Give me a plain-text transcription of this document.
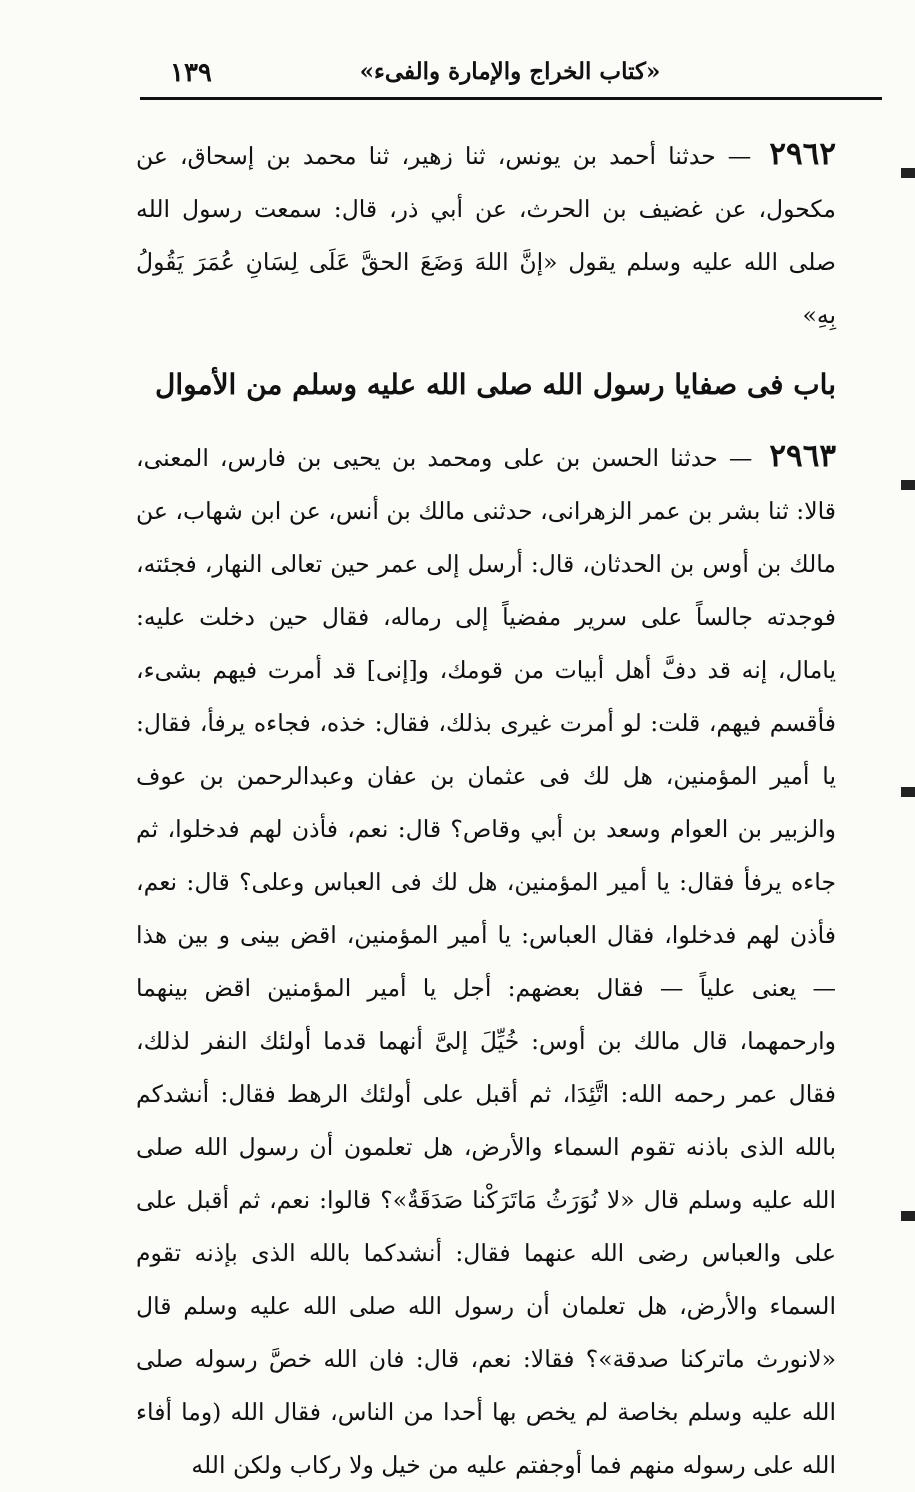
«كتاب الخراج والإمارة والفىء»
١٣٩

٢٩٦٢ — حدثنا أحمد بن يونس، ثنا زهير، ثنا محمد بن إسحاق، عن مكحول، عن غضيف بن الحرث، عن أبي ذر، قال: سمعت رسول الله صلى الله عليه وسلم يقول «إنَّ اللهَ وَضَعَ الحقَّ عَلَى لِسَانِ عُمَرَ يَقُولُ بِهِ»

باب فى صفايا رسول الله صلى الله عليه وسلم من الأموال

٢٩٦٣ — حدثنا الحسن بن على ومحمد بن يحيى بن فارس، المعنى، قالا: ثنا بشر بن عمر الزهرانى، حدثنى مالك بن أنس، عن ابن شهاب، عن مالك بن أوس بن الحدثان، قال: أرسل إلى عمر حين تعالى النهار، فجئته، فوجدته جالساً على سرير مفضياً إلى رماله، فقال حين دخلت عليه: يامال، إنه قد دفَّ أهل أبيات من قومك، و[إنى] قد أمرت فيهم بشىء، فأقسم فيهم، قلت: لو أمرت غيرى بذلك، فقال: خذه، فجاءه يرفأ، فقال: يا أمير المؤمنين، هل لك فى عثمان بن عفان وعبدالرحمن بن عوف والزبير بن العوام وسعد بن أبي وقاص؟ قال: نعم، فأذن لهم فدخلوا، ثم جاءه يرفأ فقال: يا أمير المؤمنين، هل لك فى العباس وعلى؟ قال: نعم، فأذن لهم فدخلوا، فقال العباس: يا أمير المؤمنين، اقض بينى و بين هذا — يعنى علياً — فقال بعضهم: أجل يا أمير المؤمنين اقض بينهما وارحمهما، قال مالك بن أوس: خُيِّلَ إلىَّ أنهما قدما أولئك النفر لذلك، فقال عمر رحمه الله: اتَّئِدَا، ثم أقبل على أولئك الرهط فقال: أنشدكم بالله الذى باذنه تقوم السماء والأرض، هل تعلمون أن رسول الله صلى الله عليه وسلم قال «لا نُوَرَثُ مَاتَرَكْنا صَدَقَةٌ»؟ قالوا: نعم، ثم أقبل على على والعباس رضى الله عنهما فقال: أنشدكما بالله الذى بإذنه تقوم السماء والأرض، هل تعلمان أن رسول الله صلى الله عليه وسلم قال «لانورث ماتركنا صدقة»؟ فقالا: نعم، قال: فان الله خصَّ رسوله صلى الله عليه وسلم بخاصة لم يخص بها أحدا من الناس، فقال الله (وما أفاء الله على رسوله منهم فما أوجفتم عليه من خيل ولا ركاب ولكن الله
